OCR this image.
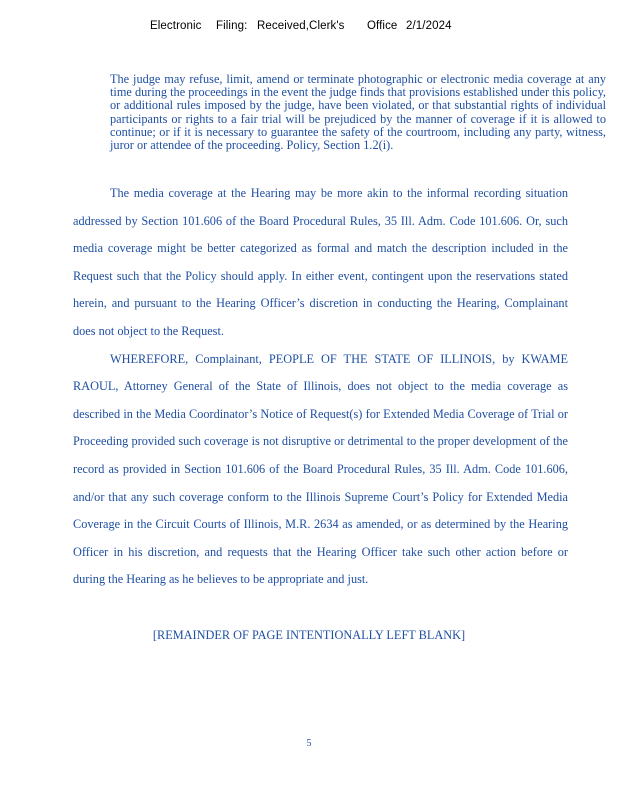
Electronic Filing: Received,Clerk's Office 2/1/2024

The judge may refuse, limit, amend or terminate photographic or electronic media coverage at any time during the proceedings in the event the judge finds that provisions established under this policy, or additional rules imposed by the judge, have been violated, or that substantial rights of individual participants or rights to a fair trial will be prejudiced by the manner of coverage if it is allowed to continue; or if it is necessary to guarantee the safety of the courtroom, including any party, witness, juror or attendee of the proceeding. Policy, Section 1.2(i).

The media coverage at the Hearing may be more akin to the informal recording situation addressed by Section 101.606 of the Board Procedural Rules, 35 Ill. Adm. Code 101.606. Or, such media coverage might be better categorized as formal and match the description included in the Request such that the Policy should apply. In either event, contingent upon the reservations stated herein, and pursuant to the Hearing Officer’s discretion in conducting the Hearing, Complainant does not object to the Request.

WHEREFORE, Complainant, PEOPLE OF THE STATE OF ILLINOIS, by KWAME RAOUL, Attorney General of the State of Illinois, does not object to the media coverage as described in the Media Coordinator’s Notice of Request(s) for Extended Media Coverage of Trial or Proceeding provided such coverage is not disruptive or detrimental to the proper development of the record as provided in Section 101.606 of the Board Procedural Rules, 35 Ill. Adm. Code 101.606, and/or that any such coverage conform to the Illinois Supreme Court’s Policy for Extended Media Coverage in the Circuit Courts of Illinois, M.R. 2634 as amended, or as determined by the Hearing Officer in his discretion, and requests that the Hearing Officer take such other action before or during the Hearing as he believes to be appropriate and just.

[REMAINDER OF PAGE INTENTIONALLY LEFT BLANK]
5
